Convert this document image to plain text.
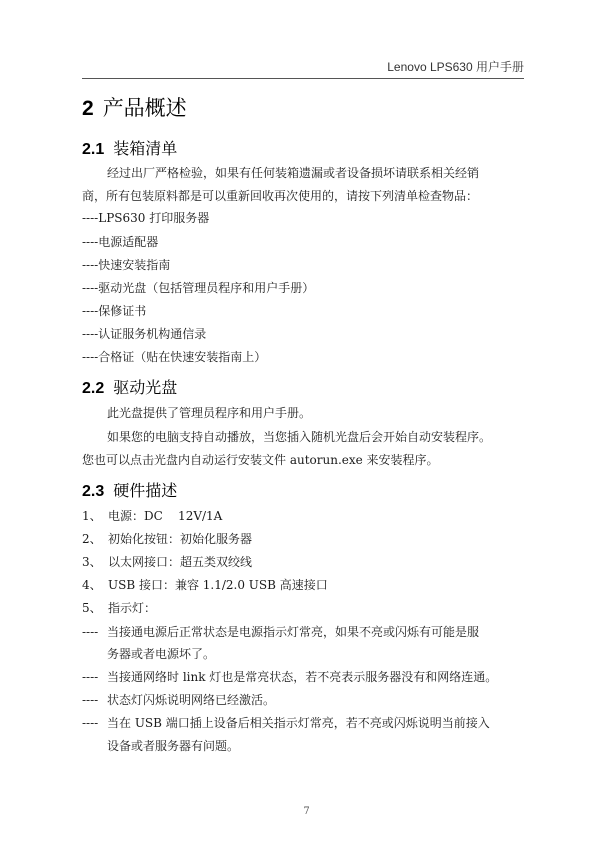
Lenovo LPS630 用户手册
2 产品概述
2.1 装箱清单
经过出厂严格检验，如果有任何装箱遗漏或者设备损坏请联系相关经销
商，所有包装原料都是可以重新回收再次使用的，请按下列清单检查物品：
----LPS630 打印服务器
----电源适配器
----快速安装指南
----驱动光盘（包括管理员程序和用户手册）
----保修证书
----认证服务机构通信录
----合格证（贴在快速安装指南上）
2.2 驱动光盘
此光盘提供了管理员程序和用户手册。
如果您的电脑支持自动播放，当您插入随机光盘后会开始自动安装程序。
您也可以点击光盘内自动运行安装文件 autorun.exe 来安装程序。
2.3 硬件描述
1、 电源：DC    12V/1A
2、 初始化按钮：初始化服务器
3、 以太网接口：超五类双绞线
4、 USB 接口：兼容 1.1/2.0 USB 高速接口
5、 指示灯：
---- 当接通电源后正常状态是电源指示灯常亮，如果不亮或闪烁有可能是服
务器或者电源坏了。
---- 当接通网络时 link 灯也是常亮状态，若不亮表示服务器没有和网络连通。
---- 状态灯闪烁说明网络已经激活。
---- 当在 USB 端口插上设备后相关指示灯常亮，若不亮或闪烁说明当前接入
设备或者服务器有问题。
7
